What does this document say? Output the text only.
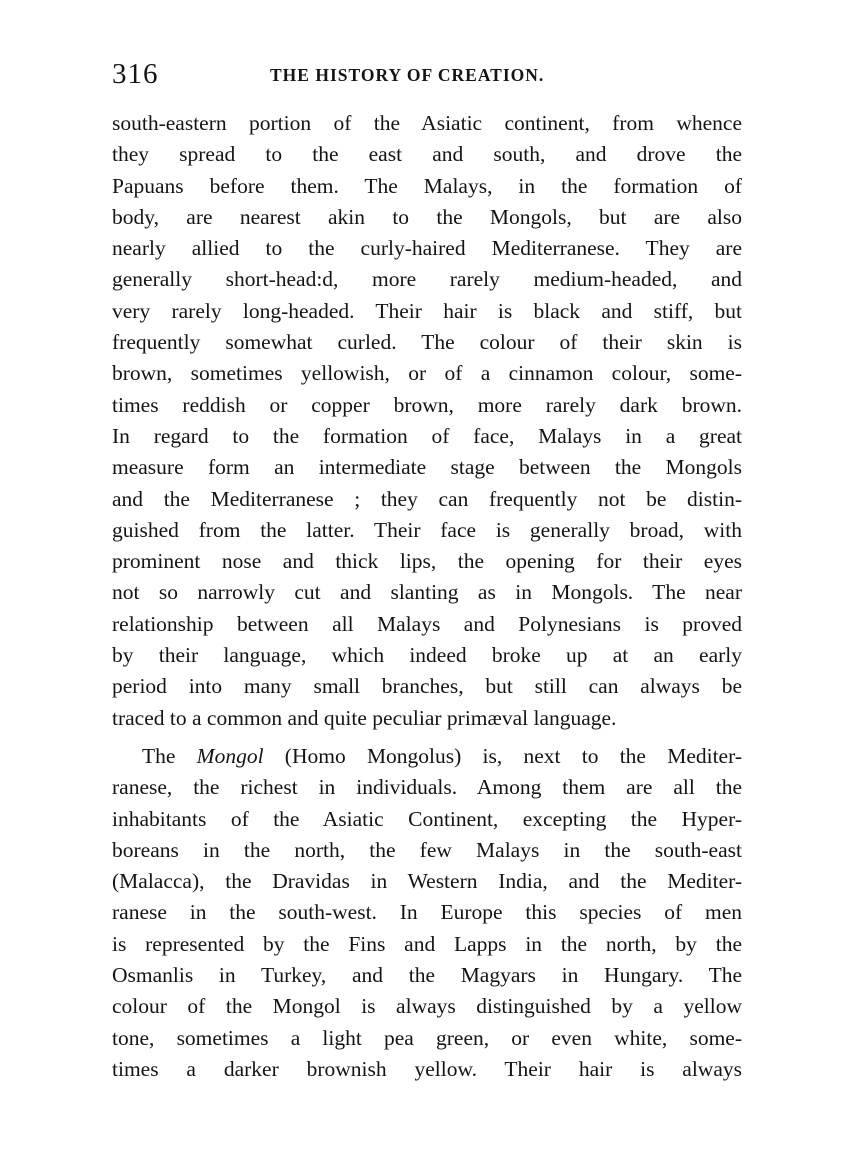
316	THE HISTORY OF CREATION.
south-eastern portion of the Asiatic continent, from whence
they spread to the east and south, and drove the
Papuans before them. The Malays, in the formation of
body, are nearest akin to the Mongols, but are also
nearly allied to the curly-haired Mediterranese. They are
generally short-head:d, more rarely medium-headed, and
very rarely long-headed. Their hair is black and stiff, but
frequently somewhat curled. The colour of their skin is
brown, sometimes yellowish, or of a cinnamon colour, some-
times reddish or copper brown, more rarely dark brown.
In regard to the formation of face, Malays in a great
measure form an intermediate stage between the Mongols
and the Mediterranese ; they can frequently not be distin-
guished from the latter. Their face is generally broad, with
prominent nose and thick lips, the opening for their eyes
not so narrowly cut and slanting as in Mongols. The near
relationship between all Malays and Polynesians is proved
by their language, which indeed broke up at an early
period into many small branches, but still can always be
traced to a common and quite peculiar primæval language.
The Mongol (Homo Mongolus) is, next to the Mediter-
ranese, the richest in individuals. Among them are all the
inhabitants of the Asiatic Continent, excepting the Hyper-
boreans in the north, the few Malays in the south-east
(Malacca), the Dravidas in Western India, and the Mediter-
ranese in the south-west. In Europe this species of men
is represented by the Fins and Lapps in the north, by the
Osmanlis in Turkey, and the Magyars in Hungary. The
colour of the Mongol is always distinguished by a yellow
tone, sometimes a light pea green, or even white, some-
times a darker brownish yellow. Their hair is always
